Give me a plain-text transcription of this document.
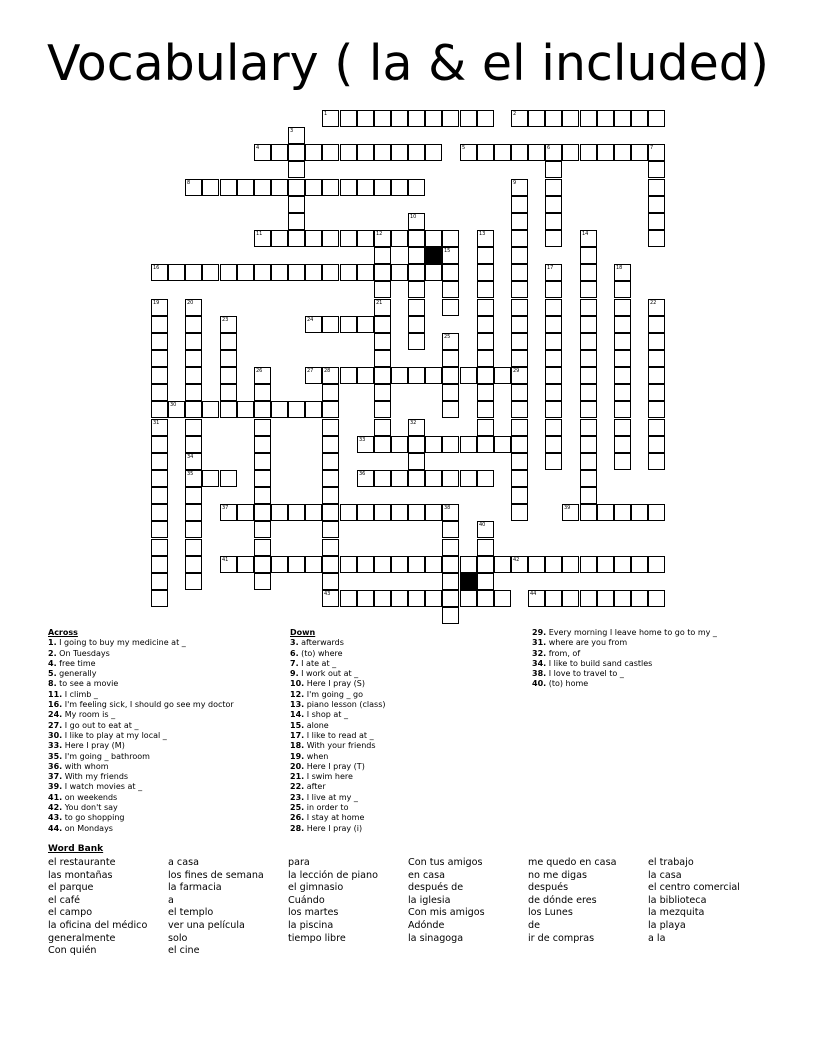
Vocabulary ( la & el included)
1	2
4	5	6	7
8
11	12
16
24
27 28	29
30
33
35	36
37	38	39
41	42
43	44
3
9
10
21
13	14
15
17	18
19
31
20
34
22
23
25
26
32
40
Across
1. I going to buy my medicine at _
2. On Tuesdays
4. free time
5. generally
8. to see a movie
11. I climb _
16. I'm feeling sick, I should go see my doctor
24. My room is _
27. I go out to eat at _
30. I like to play at my local _
33. Here I pray (M)
35. I'm going _ bathroom
36. with whom
37. With my friends
39. I watch movies at _
41. on weekends
42. You don't say
43. to go shopping
44. on Mondays
Down
3. afterwards
6. (to) where
7. I ate at _
9. I work out at _
10. Here I pray (S)
12. I'm going _ go
13. piano lesson (class)
14. I shop at _
15. alone
17. I like to read at _
18. With your friends
19. when
20. Here I pray (T)
21. I swim here
22. after
23. I live at my _
25. in order to
26. I stay at home
28. Here I pray (i)
29. Every morning I leave home to go to my _
31. where are you from
32. from, of
34. I like to build sand castles
38. I love to travel to _
40. (to) home
Word Bank
el restaurante
las montañas
el parque
el café
el campo
la oficina del médico
generalmente
Con quién
a casa
los fines de semana
la farmacia
a
el templo
ver una película
solo
el cine
para
la lección de piano
el gimnasio
Cuándo
los martes
la piscina
tiempo libre
Con tus amigos
en casa
después de
la iglesia
Con mis amigos
Adónde
la sinagoga
me quedo en casa
no me digas
después
de dónde eres
los Lunes
de
ir de compras
el trabajo
la casa
el centro comercial
la biblioteca
la mezquita
la playa
a la
